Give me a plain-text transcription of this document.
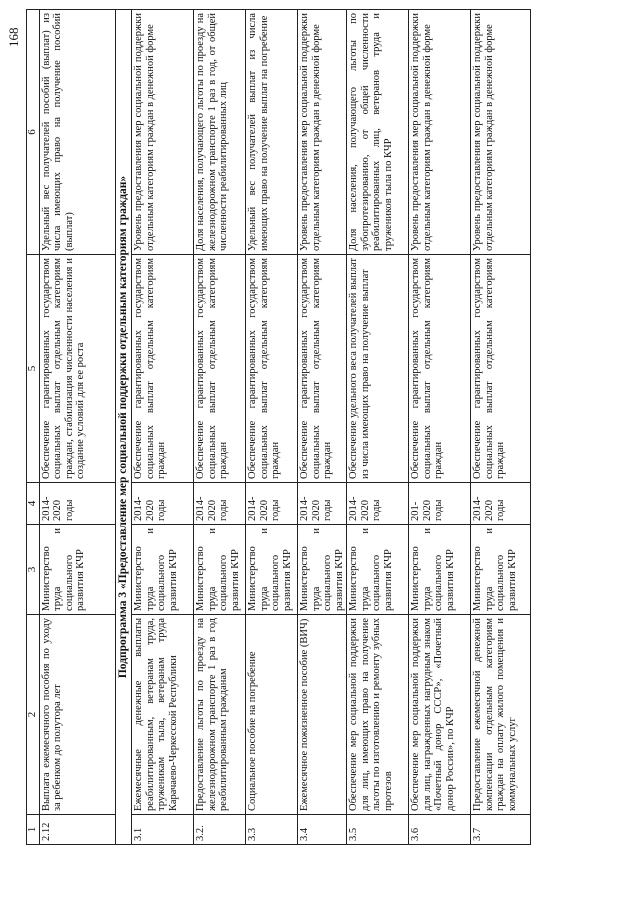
168
1	2	3	4	5	6
2.12	Выплата ежемесячного пособия по уходу за ребенком до полутора лет	Министерство труда и социального развития КЧР	2014-2020 годы	Обеспечение гарантированных государством социальных выплат отдельным категориям граждан, стабилизация численности населения и создание условий для ее роста	Удельный вес получателей пособий (выплат) из числа имеющих право на получение пособий (выплат)
Подпрограмма 3 «Предоставление мер социальной поддержки отдельным категориям граждан»					
3.1	Ежемесячные денежные выплаты реабилитированным, ветеранам труда, труженикам тыла, ветеранам труда Карачаево-Черкесской Республики	Министерство труда и социального развития КЧР	2014-2020 годы	Обеспечение гарантированных государством социальных выплат отдельным категориям граждан	Уровень предоставления мер социальной поддержки отдельным категориям граждан в денежной форме
3.2.	Предоставление льготы по проезду на железнодорожном транспорте 1 раз в год реабилитированным гражданам	Министерство труда и социального развития КЧР	2014-2020 годы	Обеспечение гарантированных государством социальных выплат отдельным категориям граждан	Доля населения, получающего льготы по проезду на железнодорожном транспорте 1 раз в год, от общей численности реабилитированных лиц
3.3	Социальное пособие на погребение	Министерство труда и социального развития КЧР	2014-2020 годы	Обеспечение гарантированных государством социальных выплат отдельным категориям граждан	Удельный вес получателей выплат из числа имеющих право на получение выплат на погребение
3.4	Ежемесячное пожизненное пособие (ВИЧ)	Министерство труда и социального развития КЧР	2014-2020 годы	Обеспечение гарантированных государством социальных выплат отдельным категориям граждан	Уровень предоставления мер социальной поддержки отдельным категориям граждан в денежной форме
3.5	Обеспечение мер социальной поддержки для лиц, имеющих право на получение льготы по изготовлению и ремонту зубных протезов	Министерство труда и социального развития КЧР	2014-2020 годы	Обеспечение удельного веса получателей выплат из числа имеющих право на получение выплат	Доля населения, получающего льготы по зубопротезированию, от общей численности реабилитированных лиц, ветеранов труда и тружеников тыла по КЧР
3.6	Обеспечение мер социальной поддержки для лиц, награжденных нагрудным знаком «Почетный донор СССР», «Почетный донор России», по КЧР	Министерство труда и социального развития КЧР	201-2020 годы	Обеспечение гарантированных государством социальных выплат отдельным категориям граждан	Уровень предоставления мер социальной поддержки отдельным категориям граждан в денежной форме
3.7	Предоставление ежемесячной денежной компенсации отдельным категориям граждан на оплату жилого помещения и коммунальных услуг	Министерство труда и социального развития КЧР	2014-2020 годы	Обеспечение гарантированных государством социальных выплат отдельным категориям граждан	Уровень предоставления мер социальной поддержки отдельным категориям граждан в денежной форме
